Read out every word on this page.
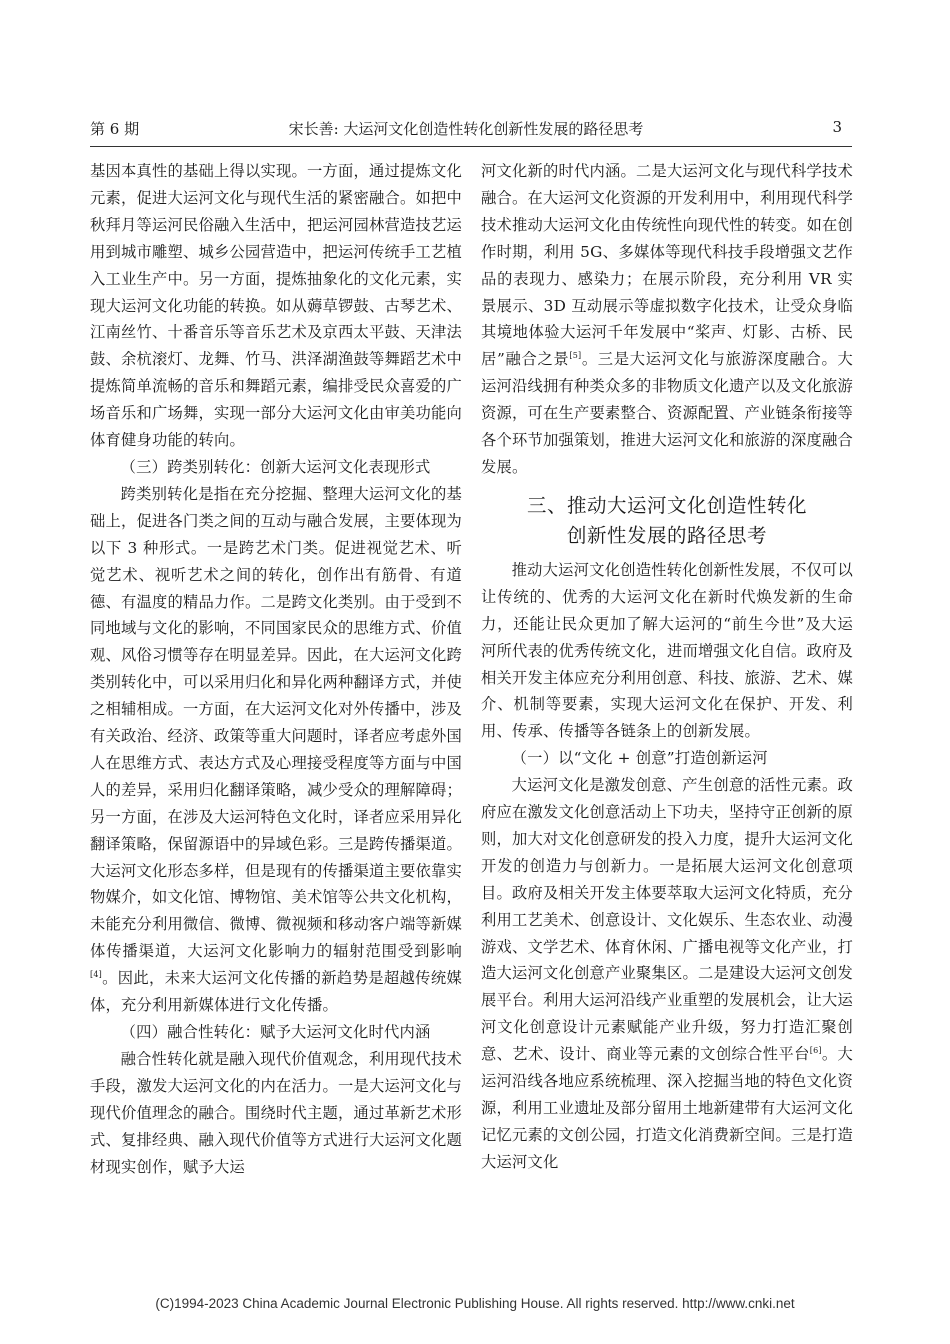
第 6 期	宋长善: 大运河文化创造性转化创新性发展的路径思考	3

基因本真性的基础上得以实现。一方面，通过提炼文化元素，促进大运河文化与现代生活的紧密融合。如把中秋拜月等运河民俗融入生活中，把运河园林营造技艺运用到城市雕塑、城乡公园营造中，把运河传统手工艺植入工业生产中。另一方面，提炼抽象化的文化元素，实现大运河文化功能的转换。如从薅草锣鼓、古琴艺术、江南丝竹、十番音乐等音乐艺术及京西太平鼓、天津法鼓、余杭滚灯、龙舞、竹马、洪泽湖渔鼓等舞蹈艺术中提炼简单流畅的音乐和舞蹈元素，编排受民众喜爱的广场音乐和广场舞，实现一部分大运河文化由审美功能向体育健身功能的转向。

（三）跨类别转化：创新大运河文化表现形式

跨类别转化是指在充分挖掘、整理大运河文化的基础上，促进各门类之间的互动与融合发展，主要体现为以下 3 种形式。一是跨艺术门类。促进视觉艺术、听觉艺术、视听艺术之间的转化，创作出有筋骨、有道德、有温度的精品力作。二是跨文化类别。由于受到不同地域与文化的影响，不同国家民众的思维方式、价值观、风俗习惯等存在明显差异。因此，在大运河文化跨类别转化中，可以采用归化和异化两种翻译方式，并使之相辅相成。一方面，在大运河文化对外传播中，涉及有关政治、经济、政策等重大问题时，译者应考虑外国人在思维方式、表达方式及心理接受程度等方面与中国人的差异，采用归化翻译策略，减少受众的理解障碍；另一方面，在涉及大运河特色文化时，译者应采用异化翻译策略，保留源语中的异域色彩。三是跨传播渠道。大运河文化形态多样，但是现有的传播渠道主要依靠实物媒介，如文化馆、博物馆、美术馆等公共文化机构，未能充分利用微信、微博、微视频和移动客户端等新媒体传播渠道，大运河文化影响力的辐射范围受到影响[4]。因此，未来大运河文化传播的新趋势是超越传统媒体，充分利用新媒体进行文化传播。

（四）融合性转化：赋予大运河文化时代内涵

融合性转化就是融入现代价值观念，利用现代技术手段，激发大运河文化的内在活力。一是大运河文化与现代价值理念的融合。围绕时代主题，通过革新艺术形式、复排经典、融入现代价值等方式进行大运河文化题材现实创作，赋予大运

河文化新的时代内涵。二是大运河文化与现代科学技术融合。在大运河文化资源的开发利用中，利用现代科学技术推动大运河文化由传统性向现代性的转变。如在创作时期，利用 5G、多媒体等现代科技手段增强文艺作品的表现力、感染力；在展示阶段，充分利用 VR 实景展示、3D 互动展示等虚拟数字化技术，让受众身临其境地体验大运河千年发展中“桨声、灯影、古桥、民居”融合之景[5]。三是大运河文化与旅游深度融合。大运河沿线拥有种类众多的非物质文化遗产以及文化旅游资源，可在生产要素整合、资源配置、产业链条衔接等各个环节加强策划，推进大运河文化和旅游的深度融合发展。

三、推动大运河文化创造性转化
创新性发展的路径思考

推动大运河文化创造性转化创新性发展，不仅可以让传统的、优秀的大运河文化在新时代焕发新的生命力，还能让民众更加了解大运河的“前生今世”及大运河所代表的优秀传统文化，进而增强文化自信。政府及相关开发主体应充分利用创意、科技、旅游、艺术、媒介、机制等要素，实现大运河文化在保护、开发、利用、传承、传播等各链条上的创新发展。

（一）以“文化 + 创意”打造创新运河

大运河文化是激发创意、产生创意的活性元素。政府应在激发文化创意活动上下功夫，坚持守正创新的原则，加大对文化创意研发的投入力度，提升大运河文化开发的创造力与创新力。一是拓展大运河文化创意项目。政府及相关开发主体要萃取大运河文化特质，充分利用工艺美术、创意设计、文化娱乐、生态农业、动漫游戏、文学艺术、体育休闲、广播电视等文化产业，打造大运河文化创意产业聚集区。二是建设大运河文创发展平台。利用大运河沿线产业重塑的发展机会，让大运河文化创意设计元素赋能产业升级，努力打造汇聚创意、艺术、设计、商业等元素的文创综合性平台[6]。大运河沿线各地应系统梳理、深入挖掘当地的特色文化资源，利用工业遗址及部分留用土地新建带有大运河文化记忆元素的文创公园，打造文化消费新空间。三是打造大运河文化

(C)1994-2023 China Academic Journal Electronic Publishing House. All rights reserved. http://www.cnki.net
